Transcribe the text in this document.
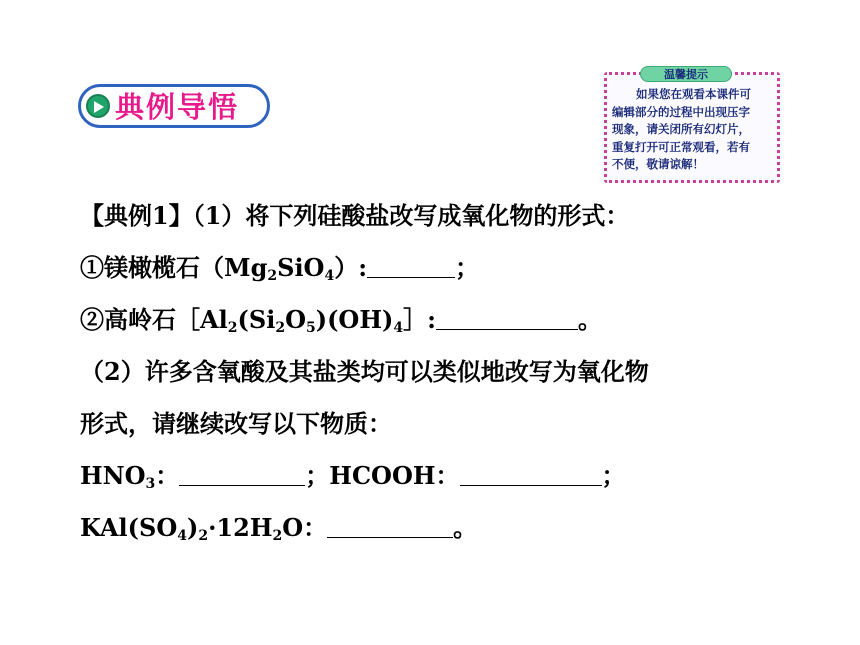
典例导悟
温馨提示
如果您在观看本课件可
编辑部分的过程中出现压字
现象，请关闭所有幻灯片，
重复打开可正常观看，若有
不便，敬请谅解！
【典例1】（1）将下列硅酸盐改写成氧化物的形式：
①镁橄榄石$(Mg_2SiO_4)$:	；
②高岭石$[Al_2(Si_2O_5)(OH)_4]$:	。
（2）许多含氧酸及其盐类均可以类似地改写为氧化物
形式，请继续改写以下物质：
$HNO_3$：	；HCOOH：	；
$KAl(SO_4)_2\cdot 12H_2O$：	。
